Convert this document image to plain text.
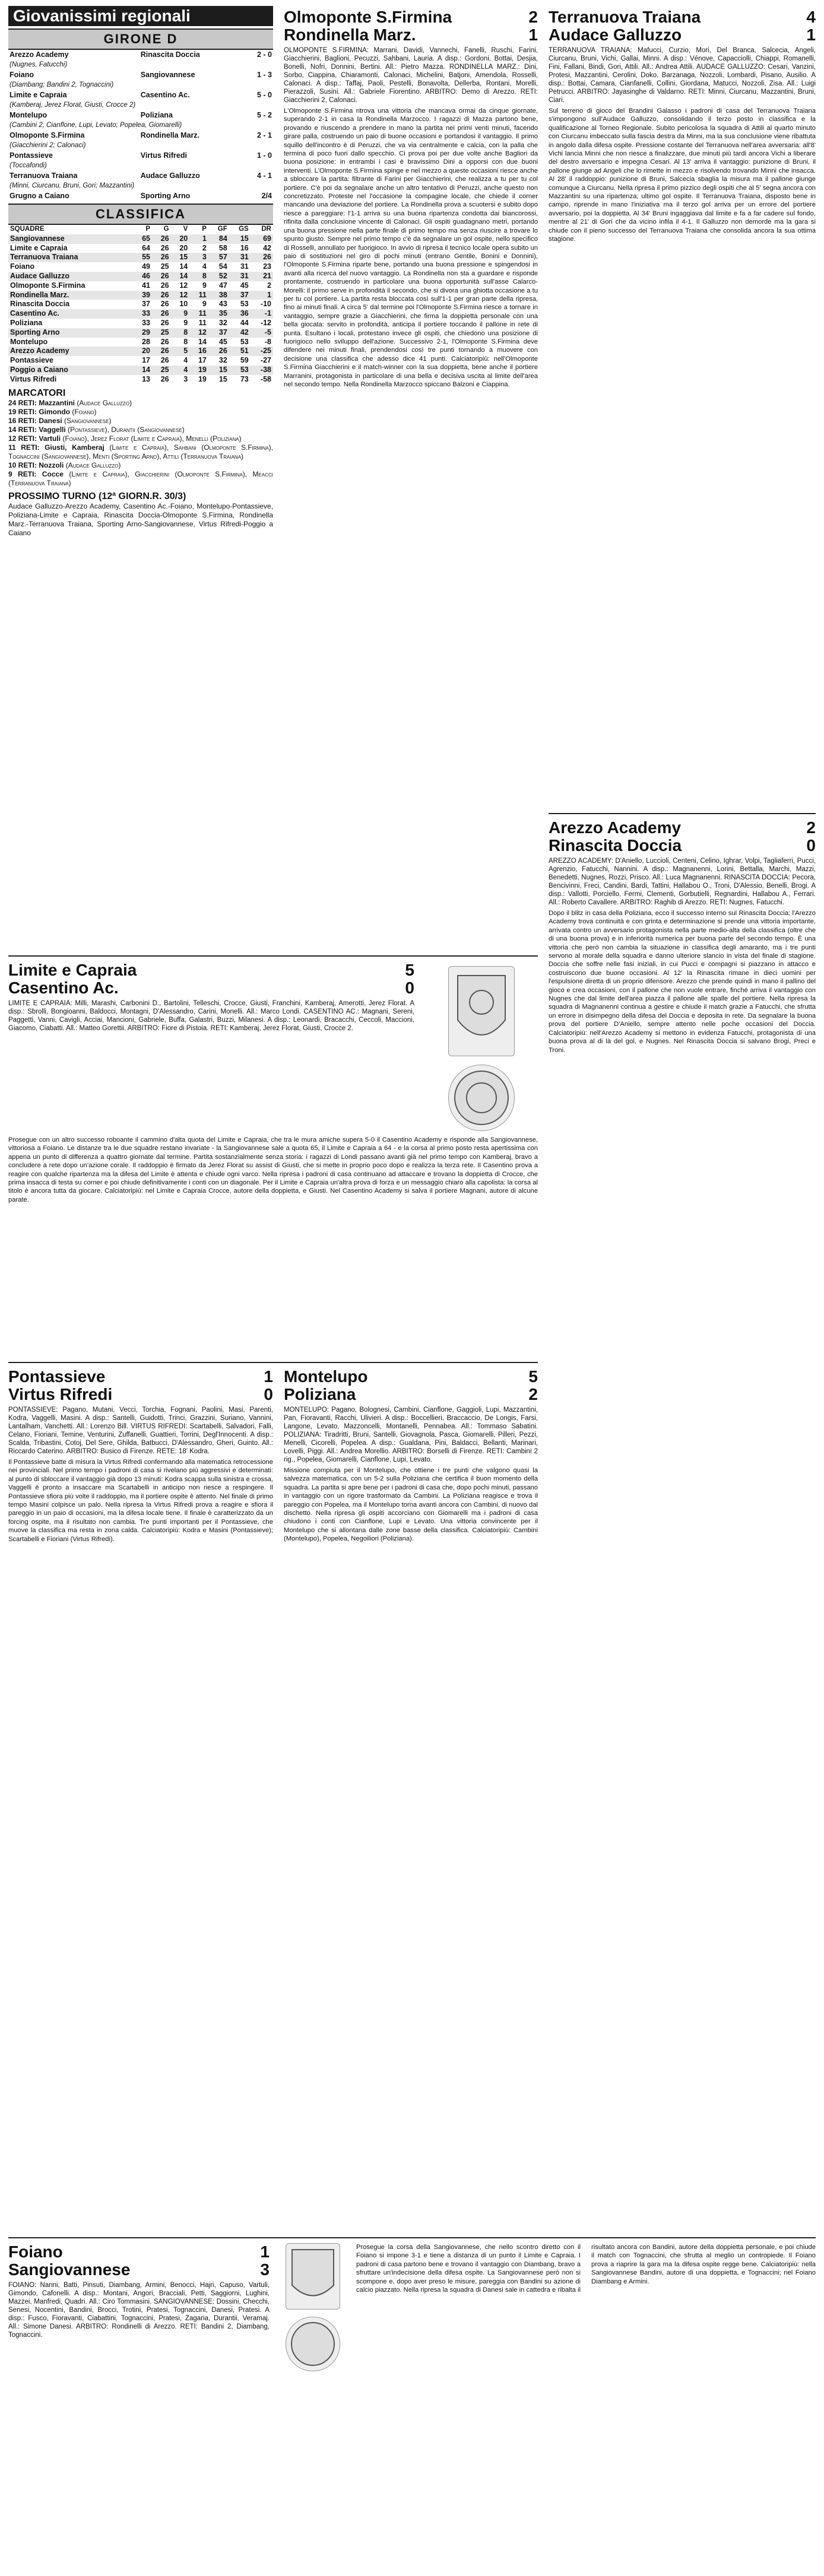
Giovanissimi regionali
GIRONE D
Arezzo Academy	Rinascita Doccia	2 - 0
(Nugnes, Fatucchi)		
Foiano	Sangiovannese	1 - 3
(Diambang; Bandini 2, Tognaccini)		
Limite e Capraia	Casentino Ac.	5 - 0
(Kamberaj, Jerez Florat, Giusti, Crocce 2)		
Montelupo	Poliziana	5 - 2
(Cambini 2, Cianflone, Lupi, Levato; Popelea, Giomarelli)		
Olmoponte S.Firmina	Rondinella Marz.	2 - 1
(Giacchierini 2; Calonaci)		
Pontassieve	Virtus Rifredi	1 - 0
(Toccafondi)		
Terranuova Traiana	Audace Galluzzo	4 - 1
(Minni, Ciurcanu, Bruni, Gori; Mazzantini)		
Grugno a Caiano	Sporting Arno	2/4
CLASSIFICA
SQUADRE	P	G	V	P	GF	GS	DR
Sangiovannese	65	26	20	1	84	15	69
Limite e Capraia	64	26	20	2	58	16	42
Terranuova Traiana	55	26	15	3	57	31	26
Foiano	49	25	14	4	54	31	23
Audace Galluzzo	46	26	14	8	52	31	21
Olmoponte S.Firmina	41	26	12	9	47	45	2
Rondinella Marz.	39	26	12	11	38	37	1
Rinascita Doccia	37	26	10	9	43	53	-10
Casentino Ac.	33	26	9	11	35	36	-1
Poliziana	33	26	9	11	32	44	-12
Sporting Arno	29	25	8	12	37	42	-5
Montelupo	28	26	8	14	45	53	-8
Arezzo Academy	20	26	5	16	26	51	-25
Pontassieve	17	26	4	17	32	59	-27
Poggio a Caiano	14	25	4	19	15	53	-38
Virtus Rifredi	13	26	3	19	15	73	-58
MARCATORI
24 RETI: Mazzantini (Audace Galluzzo)
19 RETI: Gimondo (Foiano)
16 RETI: Danesi (Sangiovannese)
14 RETI: Vaggelli (Pontassieve), Durantii (Sangiovannese)
12 RETI: Vartuli (Foiano), Jerez Florat (Limite e Capraia), Menelli (Poliziana)
11 RETI: Giusti, Kamberaj (Limite e Capraia), Sahbani (Olmoponte S.Firmina), Tognaccini (Sangiovannese), Menti (Sporting Arno), Attili (Terranuova Traiana)
10 RETI: Nozzoli (Audace Galluzzo)
9 RETI: Cocce (Limite e Capraia), Giacchierini (Olmoponte S.Firmina), Meacci (Terranuova Traiana)
PROSSIMO TURNO (12ª GIORN.R. 30/3)
Audace Galluzzo-Arezzo Academy, Casentino Ac.-Foiano, Montelupo-Pontassieve, Poliziana-Limite e Capraia, Rinascita Doccia-Olmoponte S.Firmina, Rondinella Marz.-Terranuova Traiana, Sporting Arno-Sangiovannese, Virtus Rifredi-Poggio a Caiano
Olmoponte S.Firmina	2
Rondinella Marz.	1
OLMOPONTE S.FIRMINA: Marrani, Davidi, Vannechi, Fanelli, Ruschi, Farini, Giacchierini, Baglioni, Pecuzzi, Sahbani, Lauria. A disp.: Gordoni, Bottai, Desjia, Bonelli, Nofri, Donnini, Bertini. All.: Pietro Mazza. RONDINELLA MARZ.: Dini, Sorbo, Ciappina, Chiaramonti, Calonaci, Michelini, Batjoni, Amendola, Rosselli, Calonaci. A disp.: Taffaj, Paoli, Pestelli, Bonavolta, Dellerba, Rontani, Morelli, Pierazzoli, Susini. All.: Gabriele Fiorentino. ARBITRO: Demo di Arezzo. RETI: Giacchierini 2, Calonaci.
L'Olmoponte S.Firmina ritrova una vittoria che mancava ormai da cinque giornate, superando 2-1 in casa la Rondinella Marzocco. I ragazzi di Mazza partono bene, provando e riuscendo a prendere in mano la partita nei primi venti minuti, facendo girare palla, costruendo un paio di buone occasioni e portandosi il vantaggio. Il primo squillo dell'incontro è di Peruzzi, che va via centralmente e calcia, con la palla che termina di poco fuori dallo specchio. Ci prova poi per due volte anche Bagliori da buona posizione: in entrambi i casi è bravissimo Dini a opporsi con due buoni interventi. L'Olmoponte S.Firmina spinge e nel mezzo a queste occasioni riesce anche a sbloccare la partita: filtrante di Farini per Giacchierini, che realizza a tu per tu col portiere. C'è poi da segnalare anche un altro tentativo di Peruzzi, anche questo non concretizzato. Proteste nel l'occasione la compagine locale, che chiede il corner mancando una deviazione del portiere. La Rondinella prova a scuotersi e subito dopo riesce a pareggiare: l'1-1 arriva su una buona ripartenza condotta dai biancorossi, rifinita dalla conclusione vincente di Calonaci. Gli ospiti guadagnano metri, portando una buona pressione nella parte finale di primo tempo ma senza riuscire a trovare lo spunto giusto. Sempre nel primo tempo c'è da segnalare un gol ospite, nello specifico di Rosselli, annullato per fuorigioco. In avvio di ripresa il tecnico locale opera subito un paio di sostituzioni nel giro di pochi minuti (entrano Gentile, Bonini e Donnini), l'Olmoponte S.Firmina riparte bene, portando una buona pressione e spingendosi in avanti alla ricerca del nuovo vantaggio. La Rondinella non sta a guardare e risponde prontamente, costruendo in particolare una buona opportunità sull'asse Calarco-Morelli: il primo serve in profondità il secondo, che si divora una ghiotta occasione a tu per tu col portiere. La partita resta bloccata così sull'1-1 per gran parte della ripresa, fino ai minuti finali. A circa 5' dal termine poi l'Olmoponte S.Firmina riesce a tornare in vantaggio, sempre grazie a Giacchierini, che firma la doppietta personale con una bella giocata: servito in profondità, anticipa il portiere toccando il pallone in rete di punta. Esultano i locali, protestano invece gli ospiti, che chiedono una posizione di fuorigioco nello sviluppo dell'azione. Successivo 2-1, l'Olmoponte S.Firmina deve difendere nei minuti finali, prendendosi così tre punti tornando a muovere con decisione una classifica che adesso dice 41 punti. Calciatoripiù: nell'Olmoponte S.Firmina Giacchierini e il match-winner con la sua doppietta, bene anche il portiere Marranini, protagonista in particolare di una bella e decisiva uscita al limite dell'area nel secondo tempo. Nella Rondinella Marzocco spiccano Balzoni e Ciappina.
Terranuova Traiana	4
Audace Galluzzo	1
TERRANUOVA TRAIANA: Mafucci, Curzio, Mori, Del Branca, Salcecia, Angeli, Ciurcanu, Bruni, Vichi, Gallai, Minni. A disp.: Vénove, Capacciolli, Chiappi, Romanelli, Fini, Fallani, Bindi, Gori, Attili. All.: Andrea Attili. AUDACE GALLUZZO: Cesari, Vanzini, Protesi, Mazzantini, Cerolini, Doko, Barzanaga, Nozzoli, Lombardi, Pisano, Ausilio. A disp.: Bottai, Camara, Cianfanelli, Collini, Giordana, Matucci, Nozzoli, Zisa. All.: Luigi Petrucci. ARBITRO: Jayasinghe di Valdarno. RETI: Minni, Ciurcanu, Mazzantini, Bruni, Ciari.
Sul terreno di gioco del Brandini Galasso i padroni di casa del Terranuova Traiana s'impongono sull'Audace Galluzzo, consolidando il terzo posto in classifica e la qualificazione al Torneo Regionale. Subito pericolosa la squadra di Attili al quarto minuto con Ciurcanu imbeccato sulla fascia destra da Minni, ma la sua conclusione viene ribattuta in angolo dalla difesa ospite. Pressione costante del Terranuova nell'area avversaria: all'8' Vichi lancia Minni che non riesce a finalizzare, due minuti più tardi ancora Vichi a liberare del destro avversario e impegna Cesari. Al 13' arriva il vantaggio: punizione di Bruni, il pallone giunge ad Angeli che lo rimette in mezzo e risolvendo trovando Minni che insacca. Al 28' il raddoppio: punizione di Bruni, Salcecia sbaglia la misura ma il pallone giunge comunque a Ciurcanu. Nella ripresa il primo pizzico degli ospiti che al 5' segna ancora con Mazzantini su una ripartenza; ultimo gol ospite. Il Terranuova Traiana, disposto bene in campo, riprende in mano l'iniziativa ma il terzo gol arriva per un errore del portiere avversario, poi la doppietta. Al 34' Bruni ingaggiava dal limite e fa a far cadere sul fondo, mentre al 21' di Gori che da vicino infila il 4-1. Il Galluzzo non demorde ma la gara si chiude con il pieno successo del Terranuova Traiana che consolida ancora la sua ottima stagione.
Arezzo Academy	2
Rinascita Doccia	0
AREZZO ACADEMY: D'Aniello, Luccioli, Centeni, Celino, Ighrar, Volpi, Tagliaferri, Pucci, Agrenzio, Fatucchi, Nannini. A disp.: Magnanenni, Lorini, Bettalla, Marchi, Mazzi, Benedetti, Nugnes, Rozzi, Prisco. All.: Luca Magnanenni. RINASCITA DOCCIA: Pecora, Bencivinni, Freci, Candini, Bardi, Tattini, Hallabou O., Troni, D'Alessio, Benelli, Brogi. A disp.: Vallotti, Porciello, Fermi, Clementi, Gorbutielli, Regnardini, Hallabou A., Ferrari. All.: Roberto Cavallere. ARBITRO: Raghib di Arezzo. RETI: Nugnes, Fatucchi.
Dopo il blitz in casa della Poliziana, ecco il successo interno sul Rinascita Doccia: l'Arezzo Academy trova continuità e con grinta e determinazione si prende una vittoria importante, arrivata contro un avversario protagonista nella parte medio-alta della classifica (oltre che di una buona prova) e in inferiorità numerica per buona parte del secondo tempo. È una vittoria che però non cambia la situazione in classifica degli amaranto, ma i tre punti servono al morale della squadra e danno ulteriore slancio in vista del finale di stagione. Doccia che soffre nelle fasi iniziali, in cui Pucci e compagni si piazzano in attacco e costruiscono due buone occasioni. Al 12' la Rinascita rimane in dieci uomini per l'espulsione diretta di un proprio difensore. Arezzo che prende quindi in mano il pallino del gioco e crea occasioni, con il pallone che non vuole entrare, finché arriva il vantaggio con Nugnes che dal limite dell'area piazza il pallone alle spalle del portiere. Nella ripresa la squadra di Magnanenni continua a gestire e chiude il match grazie a Fatucchi, che sfrutta un errore in disimpegno della difesa del Doccia e deposita in rete. Da segnalare la buona prova del portiere D'Aniello, sempre attento nelle poche occasioni del Doccia. Calciatoripiù: nell'Arezzo Academy si mettono in evidenza Fatucchi, protagonista di una buona prova al di là del gol, e Nugnes. Nel Rinascita Doccia si salvano Brogi, Preci e Troni.
Limite e Capraia	5
Casentino Ac.	0
LIMITE E CAPRAIA: Milli, Marashi, Carbonini D., Bartolini, Telleschi, Crocce, Giusti, Franchini, Kamberaj, Amerotti, Jerez Florat. A disp.: Sbrolli, Bongioanni, Baldocci, Montagni, D'Alessandro, Carini, Monelli. All.: Marco Londi. CASENTINO AC.: Magnani, Sereni, Paggetti, Vanni, Cavigli, Acciai, Mancioni, Gabriele, Buffa, Galastri, Buzzi, Milanesi. A disp.: Leonardi, Bracacchi, Ceccoli, Maccioni, Giacomo, Ciabatti. All.: Matteo Gorettii. ARBITRO: Fiore di Pistoia. RETI: Kamberaj, Jerez Florat, Giusti, Crocce 2.
Prosegue con un altro successo roboante il cammino d'alta quota del Limite e Capraia, che tra le mura amiche supera 5-0 il Casentino Academy e risponde alla Sangiovannese, vittoriosa a Foiano. Le distanze tra le due squadre restano invariate - la Sangiovannese sale a quota 65, il Limite e Capraia a 64 - e la corsa al primo posto resta apertissima con appena un punto di differenza a quattro giornate dal termine. Partita sostanzialmente senza storia: i ragazzi di Londi passano avanti già nel primo tempo con Kamberaj, bravo a concludere a rete dopo un'azione corale. Il raddoppio è firmato da Jerez Florat su assist di Giusti, che si mette in proprio poco dopo e realizza la terza rete. Il Casentino prova a reagire con qualche ripartenza ma la difesa del Limite è attenta e chiude ogni varco. Nella ripresa i padroni di casa continuano ad attaccare e trovano la doppietta di Crocce, che prima insacca di testa su corner e poi chiude definitivamente i conti con un diagonale. Per il Limite e Capraia un'altra prova di forza e un messaggio chiaro alla capolista: la corsa al titolo è ancora tutta da giocare. Calciatoripiù: nel Limite e Capraia Crocce, autore della doppietta, e Giusti. Nel Casentino Academy si salva il portiere Magnani, autore di alcune parate.
Pontassieve	1
Virtus Rifredi	0
PONTASSIEVE: Pagano, Mutani, Vecci, Torchia, Fognani, Paolini, Masi, Parenti, Kodra, Vaggelli, Masini. A disp.: Santelli, Guidotti, Trinci, Grazzini, Suriano, Vannini, Lantalham, Vanchetti. All.: Lorenzo Bill. VIRTUS RIFREDI: Scartabelli, Salvadori, Falli, Celano, Fioriani, Temine, Venturini, Zuffanelli, Guattieri, Torrini, Degl'Innocenti. A disp.: Scalda, Tribastini, Cotoj, Del Sere, Ghilda, Batbucci, D'Alessandro, Gheri, Guinto. All.: Riccardo Caterino. ARBITRO: Busico di Firenze. RETE: 18' Kodra.
Il Pontassieve batte di misura la Virtus Rifredi confermando alla matematica retrocessione nei provinciali. Nel primo tempo i padroni di casa si rivelano più aggressivi e determinati: al punto di sbloccare il vantaggio già dopo 13 minuti: Kodra scappa sulla sinistra e crossa, Vaggelli è pronto a insaccare ma Scartabelli in anticipo non riesce a respingere. Il Pontassieve sfiora più volte il raddoppio, ma il portiere ospite è attento. Nel finale di primo tempo Masini colpisce un palo. Nella ripresa la Virtus Rifredi prova a reagire e sfiora il pareggio in un paio di occasioni, ma la difesa locale tiene. Il finale è caratterizzato da un forcing ospite, ma il risultato non cambia. Tre punti importanti per il Pontassieve, che muove la classifica ma resta in zona calda. Calciatoripiù: Kodra e Masini (Pontassieve); Scartabelli e Fioriani (Virtus Rifredi).
Montelupo	5
Poliziana	2
MONTELUPO: Pagano, Bolognesi, Cambini, Cianflone, Gaggioli, Lupi, Mazzantini, Pan, Fioravanti, Racchi, Ulivieri. A disp.: Boccellieri, Braccaccio, De Longis, Farsi, Langone, Levato, Mazzoncelli, Montanelli, Pennabea. All.: Tommaso Sabatini. POLIZIANA: Tiradritti, Bruni, Santelli, Giovagnola, Pasca, Giomarelli, Pilleri, Pezzi, Menelli, Cicorelli, Popelea. A disp.: Gualdana, Pini, Baldacci, Bellanti, Marinari, Lovelli, Piggi. All.: Andrea Morellio. ARBITRO: Borselli di Firenze. RETI: Cambini 2 rig., Popelea, Giomarelli, Cianflone, Lupi, Levato.
Missione compiuta per il Montelupo, che ottiene i tre punti che valgono quasi la salvezza matematica, con un 5-2 sulla Poliziana che certifica il buon momento della squadra. La partita si apre bene per i padroni di casa che, dopo pochi minuti, passano in vantaggio con un rigore trasformato da Cambini. La Poliziana reagisce e trova il pareggio con Popelea, ma il Montelupo torna avanti ancora con Cambini, di nuovo dal dischetto. Nella ripresa gli ospiti accorciano con Giomarelli ma i padroni di casa chiudono i conti con Cianflone, Lupi e Levato. Una vittoria convincente per il Montelupo che si allontana dalle zone basse della classifica. Calciatoripiù: Cambini (Montelupo), Popelea, Negoiliori (Poliziana).
Foiano	1
Sangiovannese	3
FOIANO: Nanni, Batti, Pinsuti, Diambang, Armini, Benocci, Hajri, Capuso, Vartuli, Gimondo, Cafonelli. A disp.: Montani, Angori, Bracciali, Petti, Saggiorni, Lughini, Mazzei, Manfredi, Quadri. All.: Ciro Tommasini. SANGIOVANNESE: Dossini, Checchi, Senesi, Nocentini, Bandini, Brocci, Trotini, Pratesi, Tognaccini, Danesi, Pratesi. A disp.: Fusco, Fioravanti, Ciabattini, Tognaccini, Pratesi, Zagaria, Durantii, Veramaj. All.: Simone Danesi. ARBITRO: Rondinelli di Arezzo. RETI: Bandini 2, Diambang, Tognaccini.
Prosegue la corsa della Sangiovannese, che nello scontro diretto con il Foiano si impone 3-1 e tiene a distanza di un punto il Limite e Capraia. I padroni di casa partono bene e trovano il vantaggio con Diambang, bravo a sfruttare un'indecisione della difesa ospite. La Sangiovannese però non si scompone e, dopo aver preso le misure, pareggia con Bandini su azione di calcio piazzato. Nella ripresa la squadra di Danesi sale in cattedra e ribalta il risultato ancora con Bandini, autore della doppietta personale, e poi chiude il match con Tognaccini, che sfrutta al meglio un contropiede. Il Foiano prova a riaprire la gara ma la difesa ospite regge bene. Calciatoripiù: nella Sangiovannese Bandini, autore di una doppietta, e Tognaccini; nel Foiano Diambang e Armini.
